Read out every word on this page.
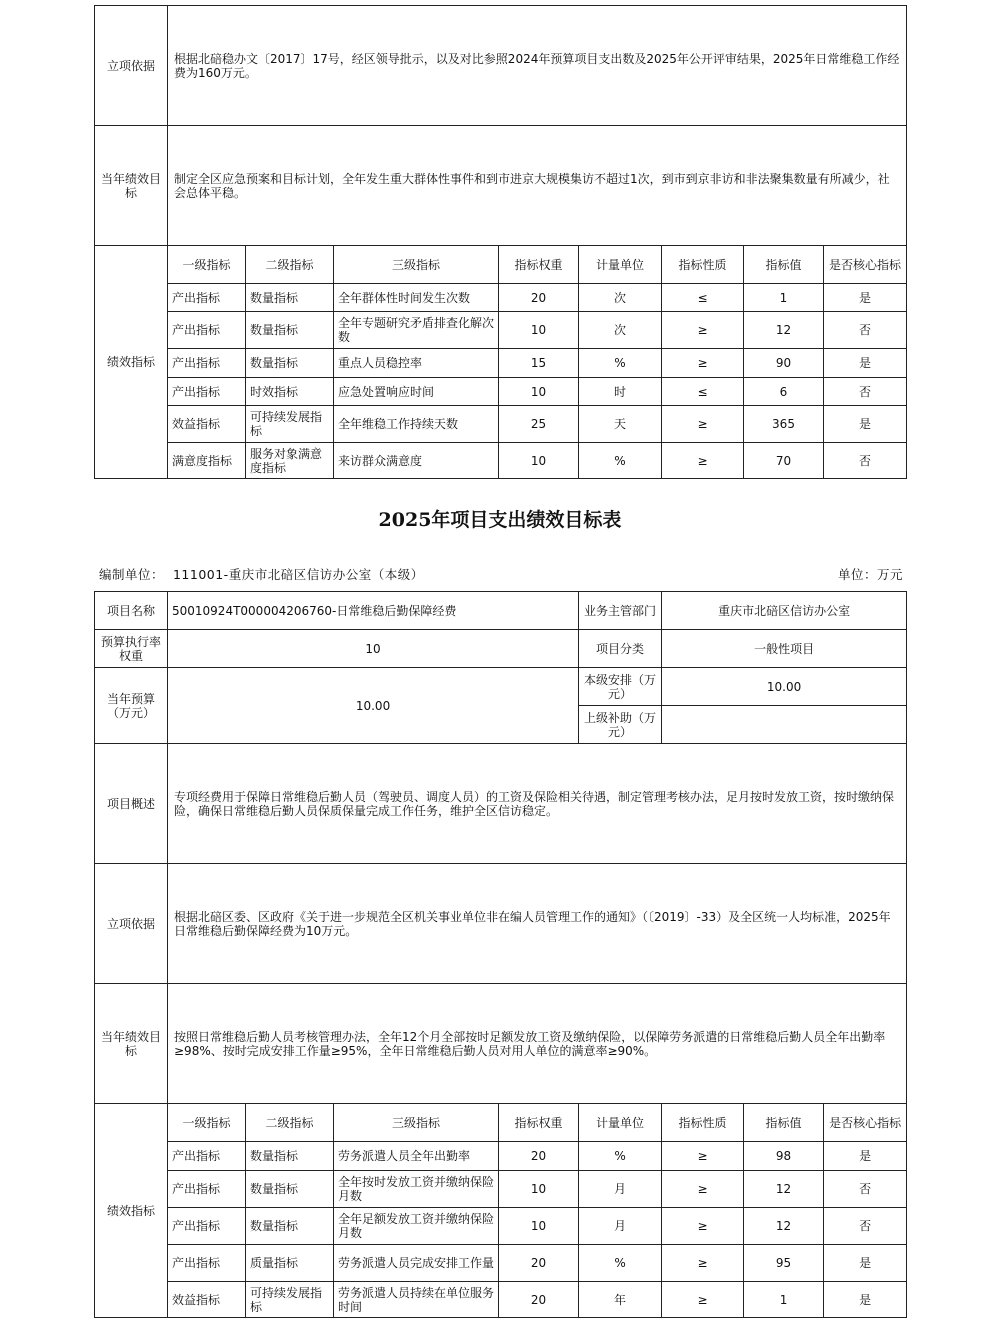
立项依据	根据北碚稳办文〔2017〕17号，经区领导批示，以及对比参照2024年预算项目支出数及2025年公开评审结果，2025年日常维稳工作经费为160万元。							
当年绩效目标	制定全区应急预案和目标计划，全年发生重大群体性事件和到市进京大规模集访不超过1次，到市到京非访和非法聚集数量有所减少，社会总体平稳。							
绩效指标	一级指标	二级指标	三级指标	指标权重	计量单位	指标性质	指标值	是否核心指标
	产出指标	数量指标	全年群体性时间发生次数	20	次	≤	1	是
	产出指标	数量指标	全年专题研究矛盾排查化解次数	10	次	≥	12	否
	产出指标	数量指标	重点人员稳控率	15	%	≥	90	是
	产出指标	时效指标	应急处置响应时间	10	时	≤	6	否
	效益指标	可持续发展指标	全年维稳工作持续天数	25	天	≥	365	是
	满意度指标	服务对象满意度指标	来访群众满意度	10	%	≥	70	否
2025年项目支出绩效目标表
编制单位： 111001-重庆市北碚区信访办公室（本级）	单位：万元
项目名称	50010924T000004206760-日常维稳后勤保障经费				业务主管部门	重庆市北碚区信访办公室		
预算执行率权重	10				项目分类	一般性项目		
当年预算（万元）	10.00				本级安排（万元）	10.00		
					上级补助（万元）			
项目概述	专项经费用于保障日常维稳后勤人员（驾驶员、调度人员）的工资及保险相关待遇，制定管理考核办法，足月按时发放工资，按时缴纳保险，确保日常维稳后勤人员保质保量完成工作任务，维护全区信访稳定。							
立项依据	根据北碚区委、区政府《关于进一步规范全区机关事业单位非在编人员管理工作的通知》（〔2019〕-33）及全区统一人均标准，2025年日常维稳后勤保障经费为10万元。							
当年绩效目标	按照日常维稳后勤人员考核管理办法，全年12个月全部按时足额发放工资及缴纳保险，以保障劳务派遣的日常维稳后勤人员全年出勤率≥98%、按时完成安排工作量≥95%，全年日常维稳后勤人员对用人单位的满意率≥90%。							
绩效指标	一级指标	二级指标	三级指标	指标权重	计量单位	指标性质	指标值	是否核心指标
	产出指标	数量指标	劳务派遣人员全年出勤率	20	%	≥	98	是
	产出指标	数量指标	全年按时发放工资并缴纳保险月数	10	月	≥	12	否
	产出指标	数量指标	全年足额发放工资并缴纳保险月数	10	月	≥	12	否
	产出指标	质量指标	劳务派遣人员完成安排工作量	20	%	≥	95	是
	效益指标	可持续发展指标	劳务派遣人员持续在单位服务时间	20	年	≥	1	是
